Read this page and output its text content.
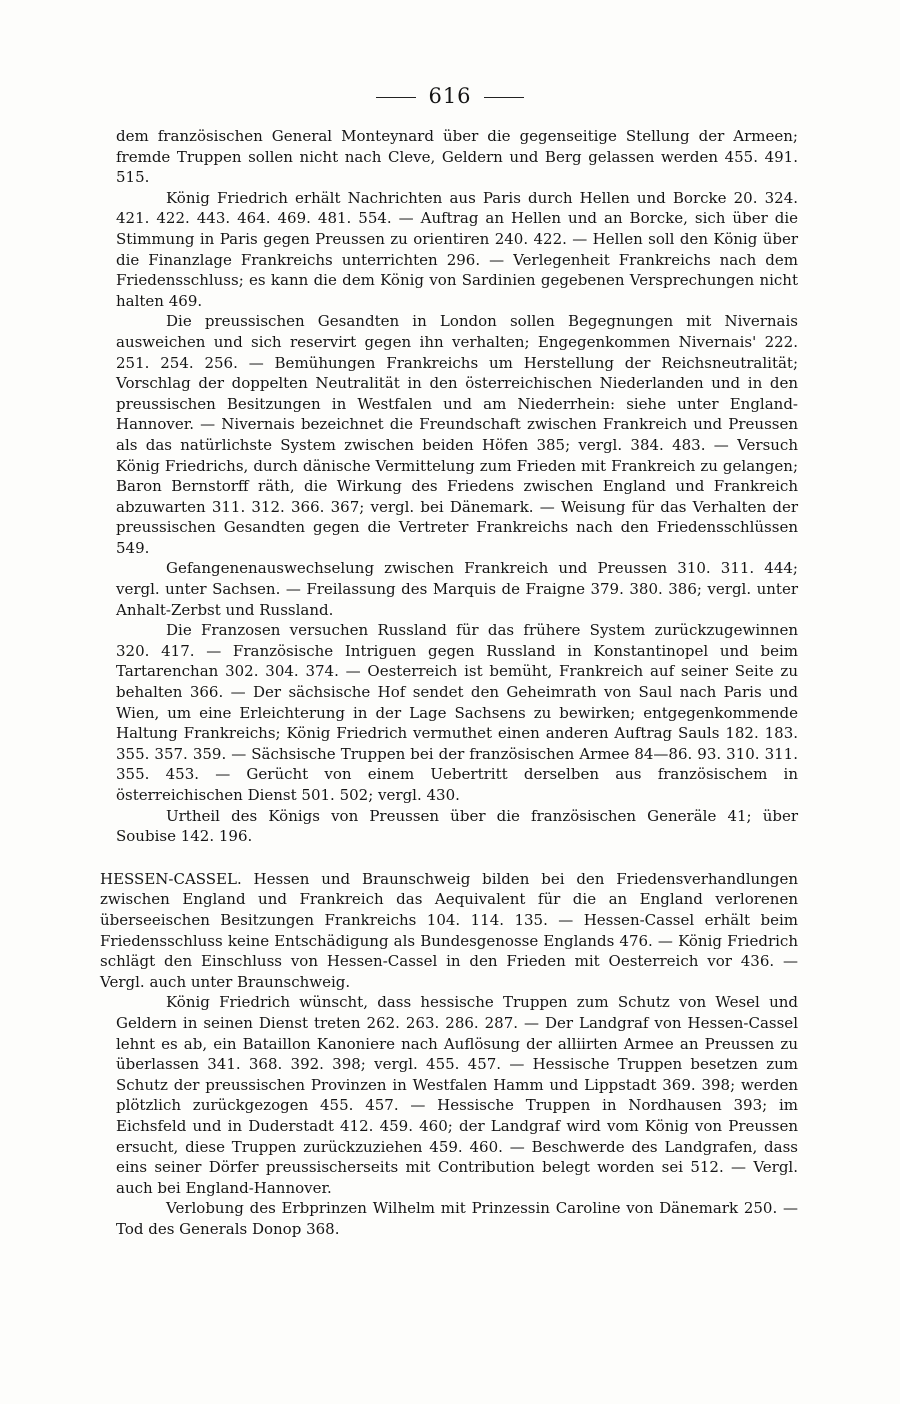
616

dem französischen General Monteynard über die gegenseitige Stellung der Armeen; fremde Truppen sollen nicht nach Cleve, Geldern und Berg gelassen werden 455. 491. 515.

König Friedrich erhält Nachrichten aus Paris durch Hellen und Borcke 20. 324. 421. 422. 443. 464. 469. 481. 554. — Auftrag an Hellen und an Borcke, sich über die Stimmung in Paris gegen Preussen zu orientiren 240. 422. — Hellen soll den König über die Finanzlage Frankreichs unterrichten 296. — Verlegenheit Frankreichs nach dem Friedensschluss; es kann die dem König von Sardinien gegebenen Versprechungen nicht halten 469.

Die preussischen Gesandten in London sollen Begegnungen mit Nivernais ausweichen und sich reservirt gegen ihn verhalten; Engegenkommen Nivernais' 222. 251. 254. 256. — Bemühungen Frankreichs um Herstellung der Reichsneutralität; Vorschlag der doppelten Neutralität in den österreichischen Niederlanden und in den preussischen Besitzungen in Westfalen und am Niederrhein: siehe unter England-Hannover. — Nivernais bezeichnet die Freundschaft zwischen Frankreich und Preussen als das natürlichste System zwischen beiden Höfen 385; vergl. 384. 483. — Versuch König Friedrichs, durch dänische Vermittelung zum Frieden mit Frankreich zu gelangen; Baron Bernstorff räth, die Wirkung des Friedens zwischen England und Frankreich abzuwarten 311. 312. 366. 367; vergl. bei Dänemark. — Weisung für das Verhalten der preussischen Gesandten gegen die Vertreter Frankreichs nach den Friedensschlüssen 549.

Gefangenenauswechselung zwischen Frankreich und Preussen 310. 311. 444; vergl. unter Sachsen. — Freilassung des Marquis de Fraigne 379. 380. 386; vergl. unter Anhalt-Zerbst und Russland.

Die Franzosen versuchen Russland für das frühere System zurückzugewinnen 320. 417. — Französische Intriguen gegen Russland in Konstantinopel und beim Tartarenchan 302. 304. 374. — Oesterreich ist bemüht, Frankreich auf seiner Seite zu behalten 366. — Der sächsische Hof sendet den Geheimrath von Saul nach Paris und Wien, um eine Erleichterung in der Lage Sachsens zu bewirken; entgegenkommende Haltung Frankreichs; König Friedrich vermuthet einen anderen Auftrag Sauls 182. 183. 355. 357. 359. — Sächsische Truppen bei der französischen Armee 84—86. 93. 310. 311. 355. 453. — Gerücht von einem Uebertritt derselben aus französischem in österreichischen Dienst 501. 502; vergl. 430.

Urtheil des Königs von Preussen über die französischen Generäle 41; über Soubise 142. 196.

HESSEN-CASSEL. Hessen und Braunschweig bilden bei den Friedensverhandlungen zwischen England und Frankreich das Aequivalent für die an England verlorenen überseeischen Besitzungen Frankreichs 104. 114. 135. — Hessen-Cassel erhält beim Friedensschluss keine Entschädigung als Bundesgenosse Englands 476. — König Friedrich schlägt den Einschluss von Hessen-Cassel in den Frieden mit Oesterreich vor 436. — Vergl. auch unter Braunschweig.

König Friedrich wünscht, dass hessische Truppen zum Schutz von Wesel und Geldern in seinen Dienst treten 262. 263. 286. 287. — Der Landgraf von Hessen-Cassel lehnt es ab, ein Bataillon Kanoniere nach Auflösung der alliirten Armee an Preussen zu überlassen 341. 368. 392. 398; vergl. 455. 457. — Hessische Truppen besetzen zum Schutz der preussischen Provinzen in Westfalen Hamm und Lippstadt 369. 398; werden plötzlich zurückgezogen 455. 457. — Hessische Truppen in Nordhausen 393; im Eichsfeld und in Duderstadt 412. 459. 460; der Landgraf wird vom König von Preussen ersucht, diese Truppen zurückzuziehen 459. 460. — Beschwerde des Landgrafen, dass eins seiner Dörfer preussischerseits mit Contribution belegt worden sei 512. — Vergl. auch bei England-Hannover.

Verlobung des Erbprinzen Wilhelm mit Prinzessin Caroline von Dänemark 250. — Tod des Generals Donop 368.
